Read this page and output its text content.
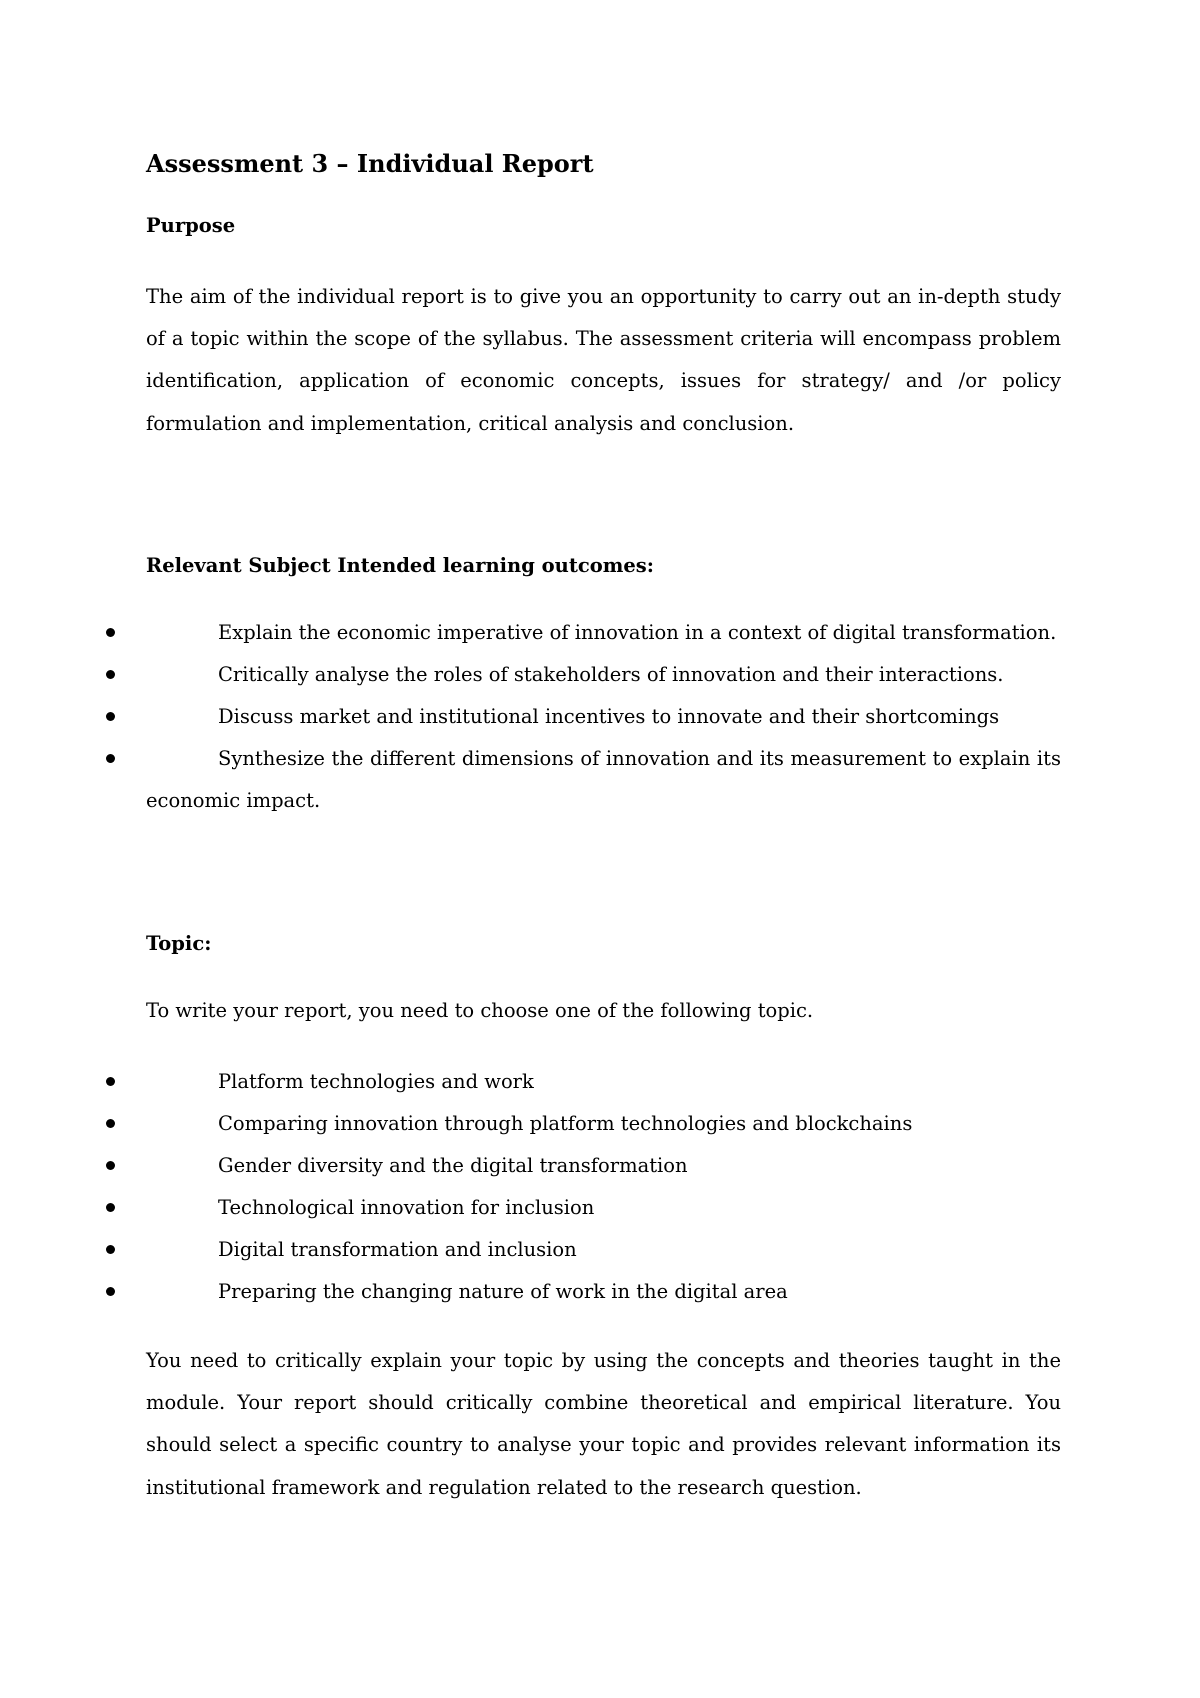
Assessment 3 – Individual Report
Purpose

The aim of the individual report is to give you an opportunity to carry out an in-depth study of a topic within the scope of the syllabus. The assessment criteria will encompass problem identification, application of economic concepts, issues for strategy/ and /or policy formulation and implementation, critical analysis and conclusion.

Relevant Subject Intended learning outcomes:
Explain the economic imperative of innovation in a context of digital transformation.
Critically analyse the roles of stakeholders of innovation and their interactions.
Discuss market and institutional incentives to innovate and their shortcomings

Synthesize the different dimensions of innovation and its measurement to explain its economic impact.

Topic:
To write your report, you need to choose one of the following topic.
Platform technologies and work
Comparing innovation through platform technologies and blockchains
Gender diversity and the digital transformation
Technological innovation for inclusion
Digital transformation and inclusion
Preparing the changing nature of work in the digital area

You need to critically explain your topic by using the concepts and theories taught in the module. Your report should critically combine theoretical and empirical literature. You should select a specific country to analyse your topic and provides relevant information its institutional framework and regulation related to the research question.
